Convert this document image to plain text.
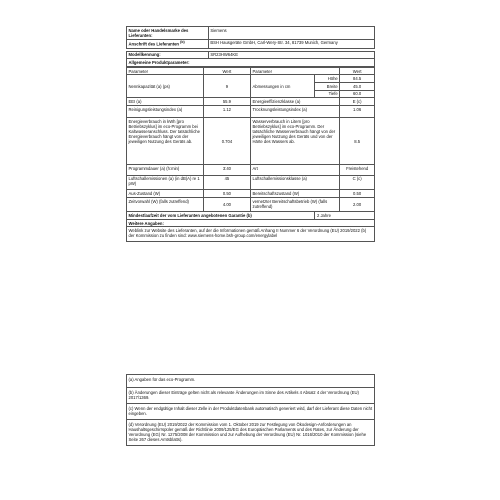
Name oder Handelsmarke des Lieferanten:	Siemens
Anschrift des Lieferanten $^{(b)}$	BSH Hausgeräte GmbH, Carl-Wery-Str. 34, 81739 Munich, Germany

Modellkennung:	SR23HW64KE
Allgemeine Produktparameter:	
Parameter	Wert	Parameter		Wert
Nennkapazität (a) (ps)	9	Abmessungen in cm	Höhe	84.5
			Breite	45.0
			Tiefe	60.0
EEI (a)	55.9	Energieeffizienzklasse (a)		E (c)
Reinigungsleistungsindex (a)	1.12	Trocknungsleistungsindex (a)		1.06
Energieverbrauch in kWh [pro Betriebszyklus] im eco-Programm bei Kaltwasseranschluss. Der tatsächliche Energieverbrauch hängt von der jeweiligen Nutzung des Geräts ab.	0.704	Wasserverbrauch in Litern [pro Betriebszyklus] im eco-Programm. Der tatsächliche Wasserverbrauch hängt von der jeweiligen Nutzung des Geräts und von der Härte des Wassers ab.		8.5
Programmdauer (a) (h:min)	3:40	Art		Freistehend
Luftschallemissionen (a) (in dB(A) re 1 pW)	45	Luftschallemissionsklasse (a)		C (c)
Aus-Zustand (W)	0.50	Bereitschaftszustand (W)		0.50
Zeitvorwahl (W) (falls zutreffend)	4.00	vernetzter Bereitschaftsbetrieb (W) (falls zutreffend)		2.00
Mindestlaufzeit der vom Lieferanten angebotenen Garantie (b)			2 Jahre	
Weitere Angaben:				
Weblink zur Website des Lieferanten, auf der die Informationen gemäß Anhang II Nummer 6 der Verordnung (EU) 2019/2022 (b) der Kommission zu finden sind: www.siemens-home.bsh-group.com/energylabel				
(a) Angaben für das eco-Programm.
(b) Änderungen dieser Einträge gelten nicht als relevante Änderungen im Sinne des Artikels 4 Absatz 4 der Verordnung (EU) 2017/1369.
(c) Wenn der endgültige Inhalt dieser Zelle in der Produktdatenbank automatisch generiert wird, darf der Lieferant diese Daten nicht eingeben.
(d) Verordnung (EU) 2019/2022 der Kommission vom 1. Oktober 2019 zur Festlegung von Ökodesign-Anforderungen an Haushaltsgeschirrspüler gemäß der Richtlinie 2009/125/EG des Europäischen Parlaments und des Rates, zur Änderung der Verordnung (EG) Nr. 1275/2008 der Kommission und zur Aufhebung der Verordnung (EU) Nr. 1016/2010 der Kommission (siehe Seite 267 dieses Amtsblatts).
